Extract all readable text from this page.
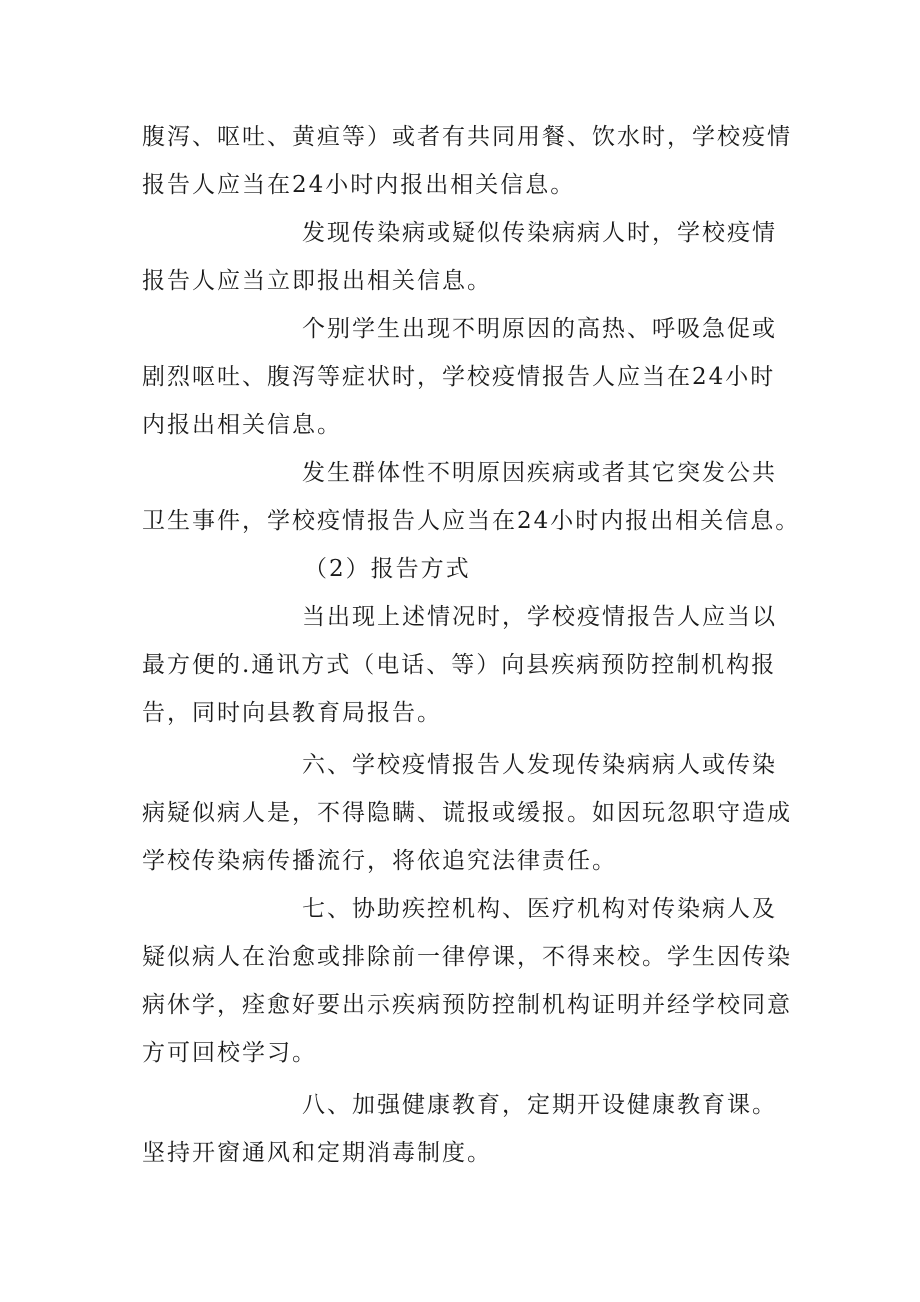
腹泻、呕吐、黄疸等）或者有共同用餐、饮水时，学校疫情
报告人应当在24小时内报出相关信息。
发现传染病或疑似传染病病人时，学校疫情
报告人应当立即报出相关信息。
个别学生出现不明原因的高热、呼吸急促或
剧烈呕吐、腹泻等症状时，学校疫情报告人应当在24小时
内报出相关信息。
发生群体性不明原因疾病或者其它突发公共
卫生事件，学校疫情报告人应当在24小时内报出相关信息。
（2）报告方式
当出现上述情况时，学校疫情报告人应当以
最方便的.通讯方式（电话、等）向县疾病预防控制机构报
告，同时向县教育局报告。
六、学校疫情报告人发现传染病病人或传染
病疑似病人是，不得隐瞒、谎报或缓报。如因玩忽职守造成
学校传染病传播流行，将依追究法律责任。
七、协助疾控机构、医疗机构对传染病人及
疑似病人在治愈或排除前一律停课，不得来校。学生因传染
病休学，痊愈好要出示疾病预防控制机构证明并经学校同意
方可回校学习。
八、加强健康教育，定期开设健康教育课。
坚持开窗通风和定期消毒制度。
